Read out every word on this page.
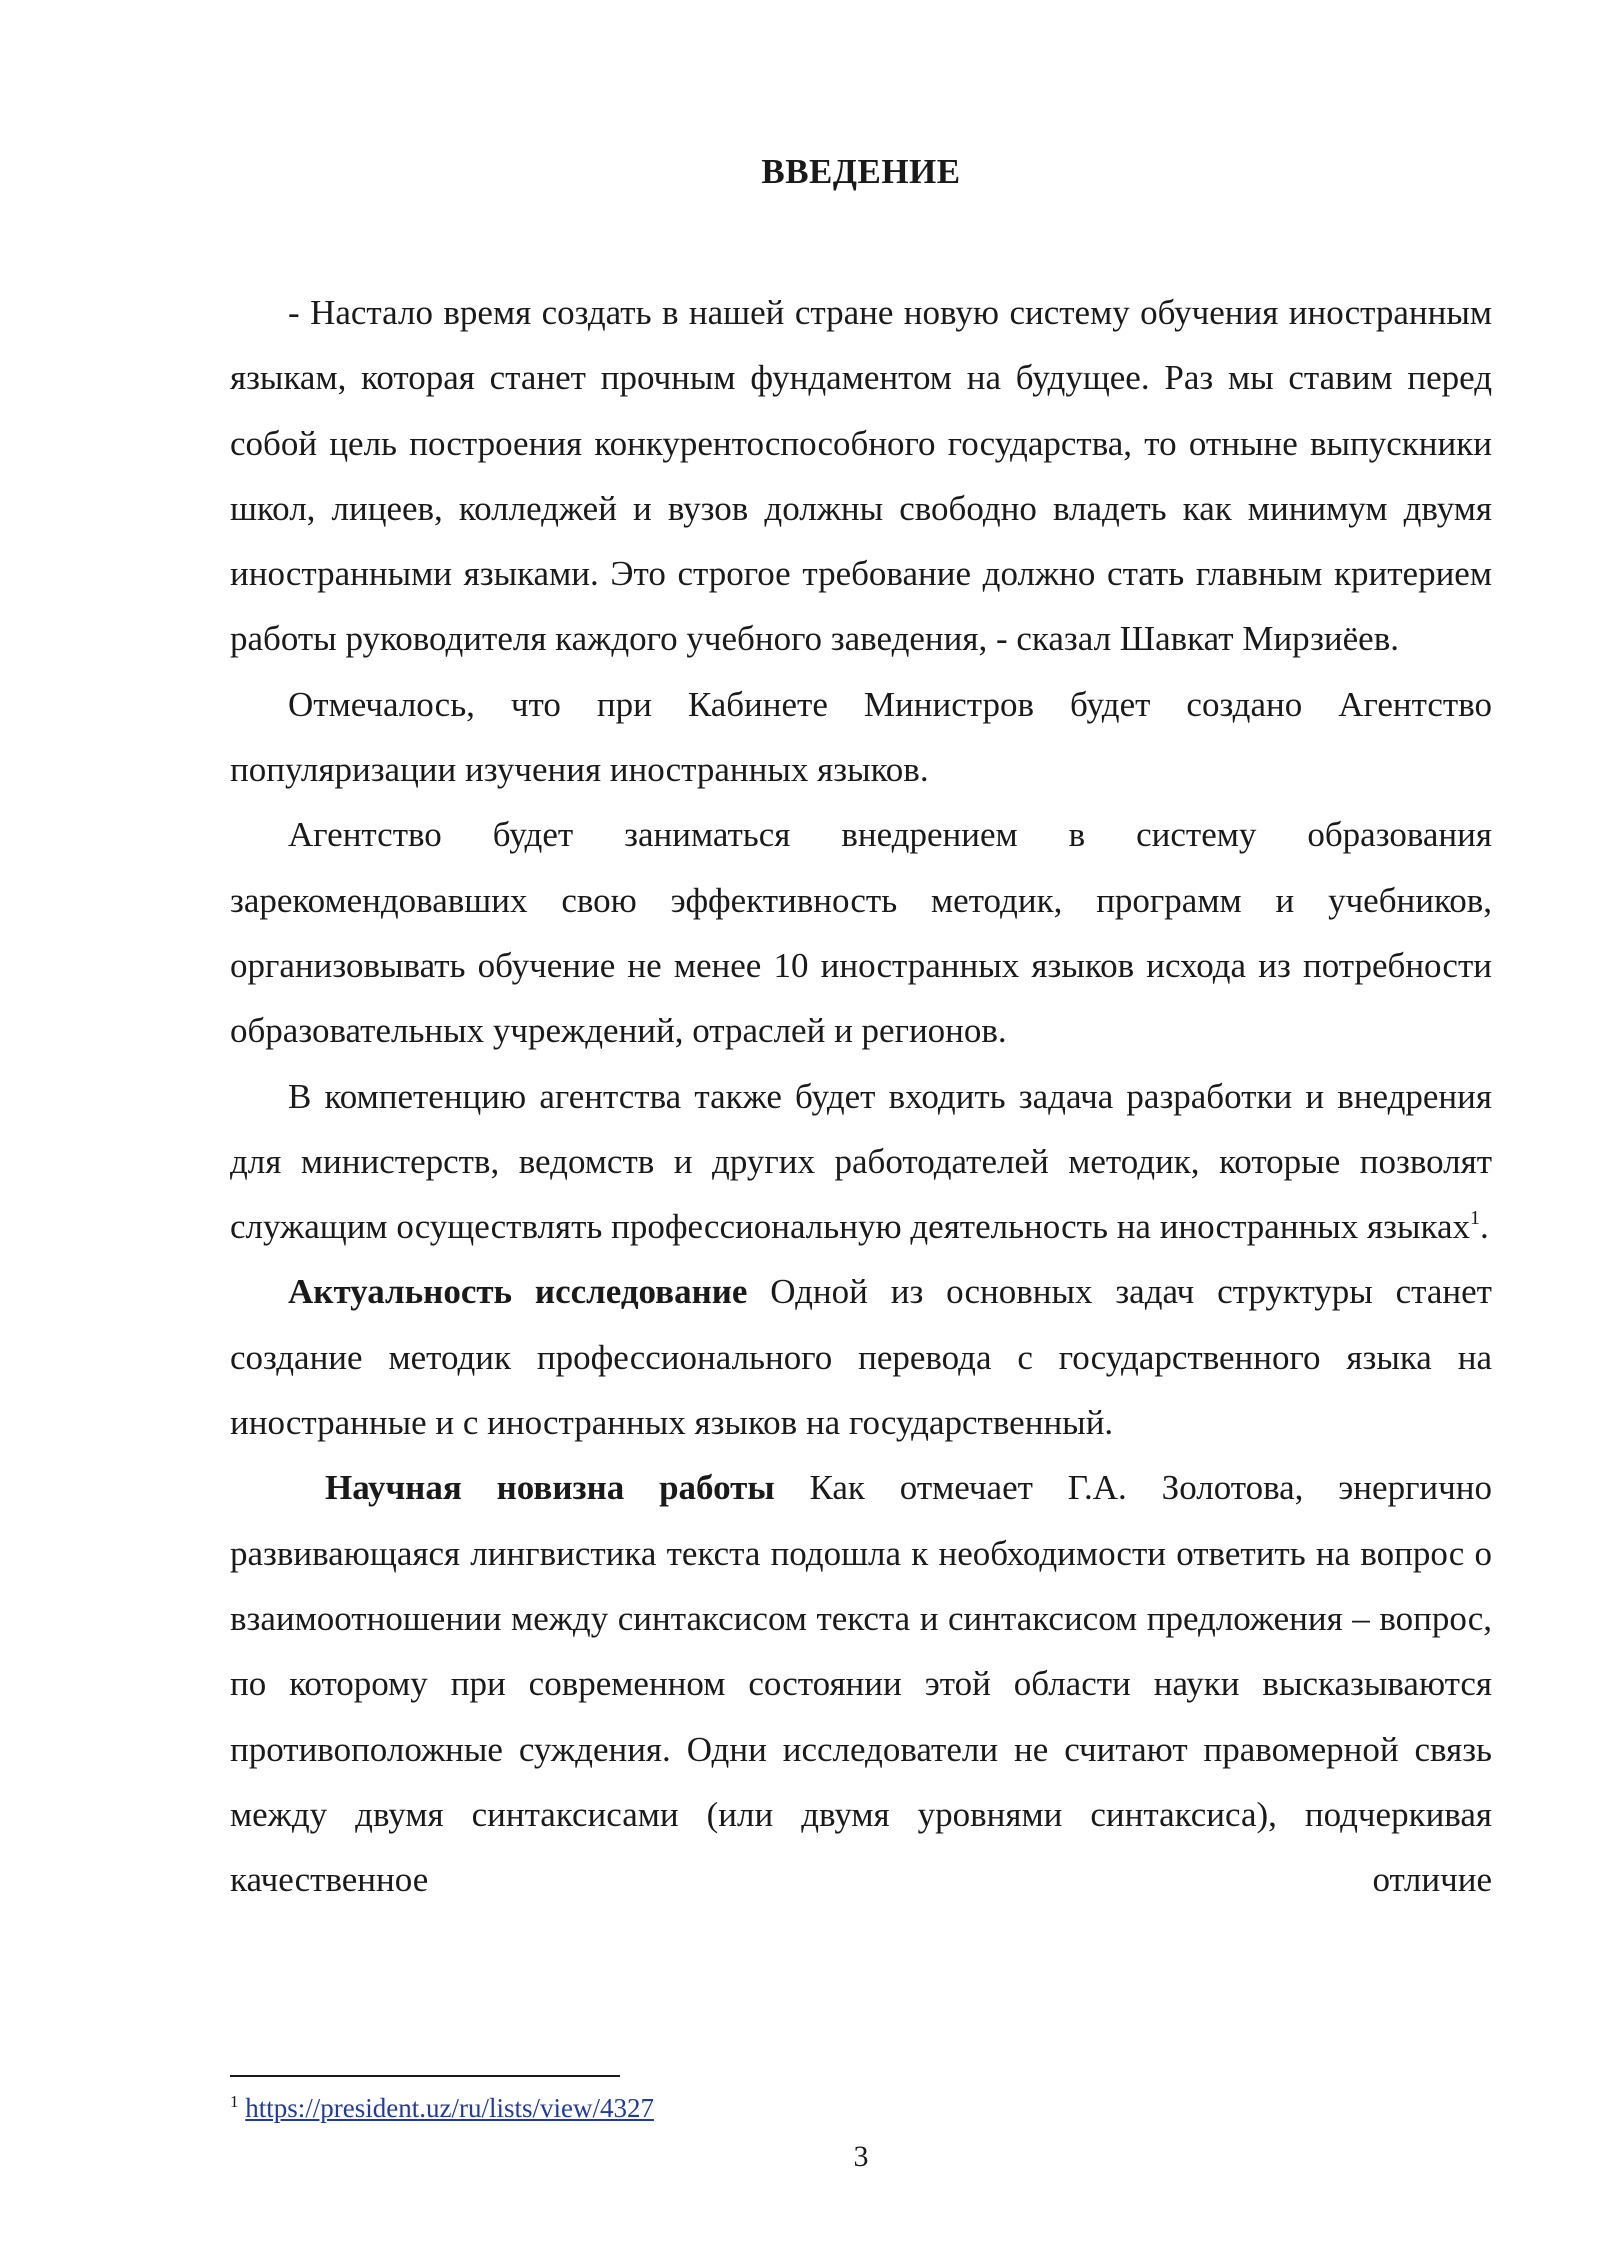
ВВЕДЕНИЕ

- Настало время создать в нашей стране новую систему обучения иностранным языкам, которая станет прочным фундаментом на будущее. Раз мы ставим перед собой цель построения конкурентоспособного государства, то отныне выпускники школ, лицеев, колледжей и вузов должны свободно владеть как минимум двумя иностранными языками. Это строгое требование должно стать главным критерием работы руководителя каждого учебного заведения, - сказал Шавкат Мирзиёев.

Отмечалось, что при Кабинете Министров будет создано Агентство популяризации изучения иностранных языков.

Агентство будет заниматься внедрением в систему образования зарекомендовавших свою эффективность методик, программ и учебников, организовывать обучение не менее 10 иностранных языков исхода из потребности образовательных учреждений, отраслей и регионов.

В компетенцию агентства также будет входить задача разработки и внедрения для министерств, ведомств и других работодателей методик, которые позволят служащим осуществлять профессиональную деятельность на иностранных языках$^1$.

Актуальность исследование Одной из основных задач структуры станет создание методик профессионального перевода с государственного языка на иностранные и с иностранных языков на государственный.

Научная новизна работы Как отмечает Г.А. Золотова, энергично развивающаяся лингвистика текста подошла к необходимости ответить на вопрос о взаимоотношении между синтаксисом текста и синтаксисом предложения – вопрос, по которому при современном состоянии этой области науки высказываются противоположные суждения. Одни исследователи не считают правомерной связь между двумя синтаксисами (или двумя уровнями синтаксиса), подчеркивая качественное отличие

$^1$ https://president.uz/ru/lists/view/4327
3
